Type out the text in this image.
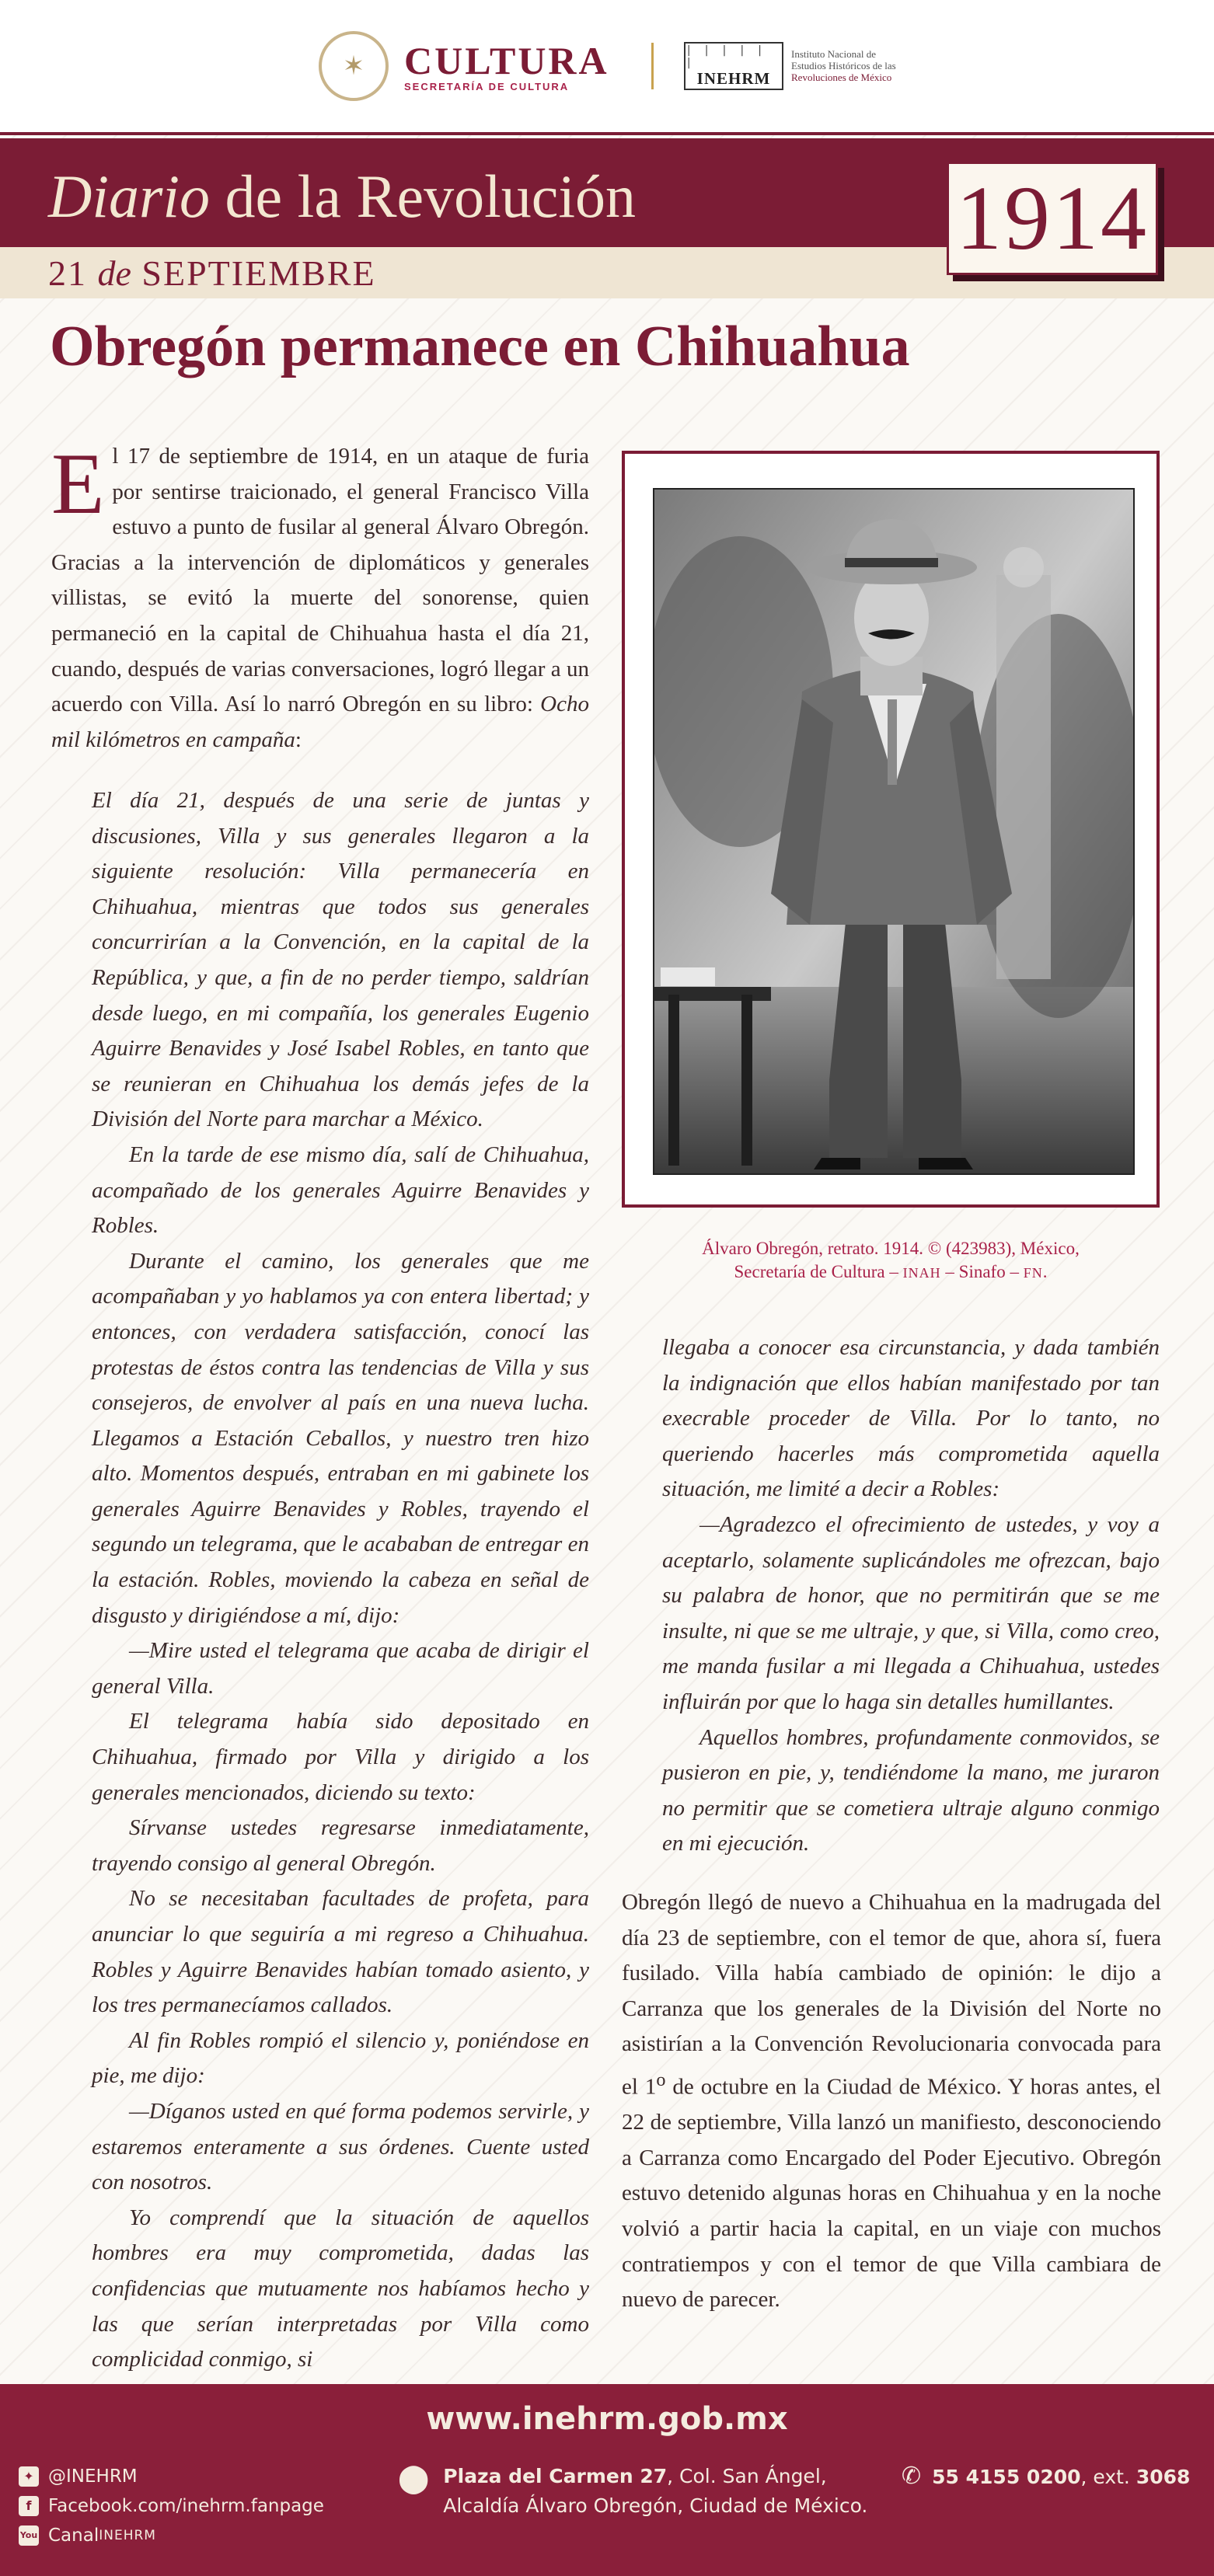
✶	CULTURA
SECRETARÍA DE CULTURA
| | | | | |
INEHRM
Instituto Nacional de
Estudios Históricos de las
Revoluciones de México
Diario de la Revolución
21 de SEPTIEMBRE
1914
Obregón permanece en Chihuahua

El 17 de septiembre de 1914, en un ataque de furia por sentirse traicionado, el general Francisco Villa estuvo a punto de fusilar al general Álvaro Obregón. Gracias a la intervención de diplomáticos y generales villistas, se evitó la muerte del sonorense, quien permaneció en la capital de Chihuahua hasta el día 21, cuando, después de varias conversaciones, logró llegar a un acuerdo con Villa. Así lo narró Obregón en su libro: Ocho mil kilómetros en campaña:

El día 21, después de una serie de juntas y discusiones, Villa y sus generales llegaron a la siguiente resolución: Villa permanecería en Chihuahua, mientras que todos sus generales concurrirían a la Convención, en la capital de la República, y que, a fin de no perder tiempo, saldrían desde luego, en mi compañía, los generales Eugenio Aguirre Benavides y José Isabel Robles, en tanto que se reunieran en Chihuahua los demás jefes de la División del Norte para marchar a México.

En la tarde de ese mismo día, salí de Chihuahua, acompañado de los generales Aguirre Benavides y Robles.

Durante el camino, los generales que me acompañaban y yo hablamos ya con entera libertad; y entonces, con verdadera satisfacción, conocí las protestas de éstos contra las tendencias de Villa y sus consejeros, de envolver al país en una nueva lucha. Llegamos a Estación Ceballos, y nuestro tren hizo alto. Momentos después, entraban en mi gabinete los generales Aguirre Benavides y Robles, trayendo el segundo un telegrama, que le acababan de entregar en la estación. Robles, moviendo la cabeza en señal de disgusto y dirigiéndose a mí, dijo:

—Mire usted el telegrama que acaba de dirigir el general Villa.

El telegrama había sido depositado en Chihuahua, firmado por Villa y dirigido a los generales mencionados, diciendo su texto:

Sírvanse ustedes regresarse inmediatamente, trayendo consigo al general Obregón.

No se necesitaban facultades de profeta, para anunciar lo que seguiría a mi regreso a Chihuahua. Robles y Aguirre Benavides habían tomado asiento, y los tres permanecíamos callados.

Al fin Robles rompió el silencio y, poniéndose en pie, me dijo:

—Díganos usted en qué forma podemos servirle, y estaremos enteramente a sus órdenes. Cuente usted con nosotros.

Yo comprendí que la situación de aquellos hombres era muy comprometida, dadas las confidencias que mutuamente nos habíamos hecho y las que serían interpretadas por Villa como complicidad conmigo, si

Álvaro Obregón, retrato. 1914. © (423983), México,
Secretaría de Cultura – INAH – Sinafo – FN.

llegaba a conocer esa circunstancia, y dada también la indignación que ellos habían manifestado por tan execrable proceder de Villa. Por lo tanto, no queriendo hacerles más comprometida aquella situación, me limité a decir a Robles:

—Agradezco el ofrecimiento de ustedes, y voy a aceptarlo, solamente suplicándoles me ofrezcan, bajo su palabra de honor, que no permitirán que se me insulte, ni que se me ultraje, y que, si Villa, como creo, me manda fusilar a mi llegada a Chihuahua, ustedes influirán por que lo haga sin detalles humillantes.

Aquellos hombres, profundamente conmovidos, se pusieron en pie, y, tendiéndome la mano, me juraron no permitir que se cometiera ultraje alguno conmigo en mi ejecución.

Obregón llegó de nuevo a Chihuahua en la madrugada del día 23 de septiembre, con el temor de que, ahora sí, fuera fusilado. Villa había cambiado de opinión: le dijo a Carranza que los generales de la División del Norte no asistirían a la Convención Revolucionaria convocada para el 1$^o$ de octubre en la Ciudad de México. Y horas antes, el 22 de septiembre, Villa lanzó un manifiesto, desconociendo a Carranza como Encargado del Poder Ejecutivo. Obregón estuvo detenido algunas horas en Chihuahua y en la noche volvió a partir hacia la capital, en un viaje con muchos contratiempos y con el temor de que Villa cambiara de nuevo de parecer.

www.inehrm.gob.mx
✦ @INEHRM
f Facebook.com/inehrm.fanpage
You Canal INEHRM
⬤ Plaza del Carmen 27, Col. San Ángel,
Alcaldía Álvaro Obregón, Ciudad de México.
✆ 55 4155 0200, ext. 3068
